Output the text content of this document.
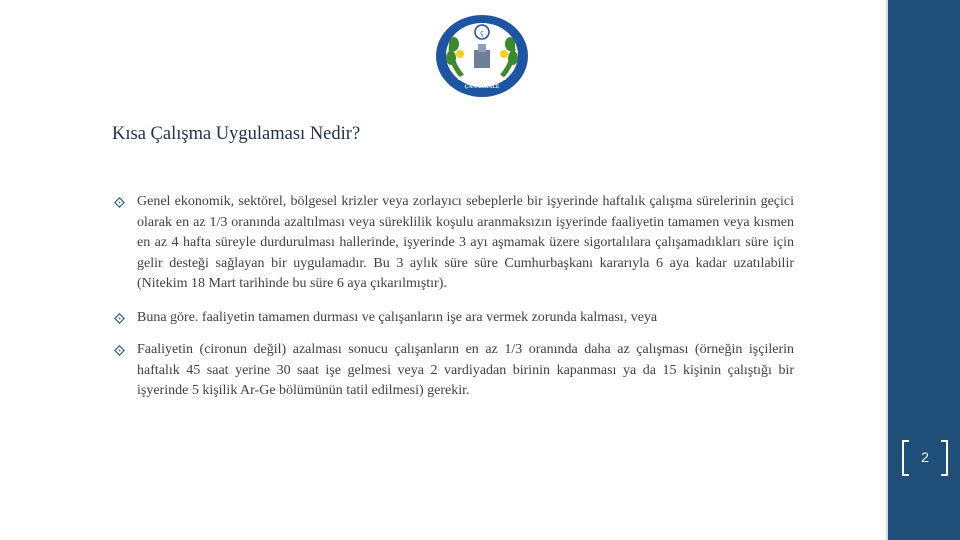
ç
TİCARET BORSASI ÇANAKKALE
Kısa Çalışma Uygulaması Nedir?
Genel ekonomik, sektörel, bölgesel krizler veya zorlayıcı sebeplerle bir işyerinde haftalık çalışma sürelerinin geçici olarak en az 1/3 oranında azaltılması veya süreklilik koşulu aranmaksızın işyerinde faaliyetin tamamen veya kısmen en az 4 hafta süreyle durdurulması hallerinde, işyerinde 3 ayı aşmamak üzere sigortalılara çalışamadıkları süre için gelir desteği sağlayan bir uygulamadır. Bu 3 aylık süre süre Cumhurbaşkanı kararıyla 6 aya kadar uzatılabilir (Nitekim 18 Mart tarihinde bu süre 6 aya çıkarılmıştır).
Buna göre. faaliyetin tamamen durması ve çalışanların işe ara vermek zorunda kalması, veya
Faaliyetin (cironun değil) azalması sonucu çalışanların en az 1/3 oranında daha az çalışması (örneğin işçilerin haftalık 45 saat yerine 30 saat işe gelmesi veya 2 vardiyadan birinin kapanması ya da 15 kişinin çalıştığı bir işyerinde 5 kişilik Ar-Ge bölümünün tatil edilmesi) gerekir.
2
